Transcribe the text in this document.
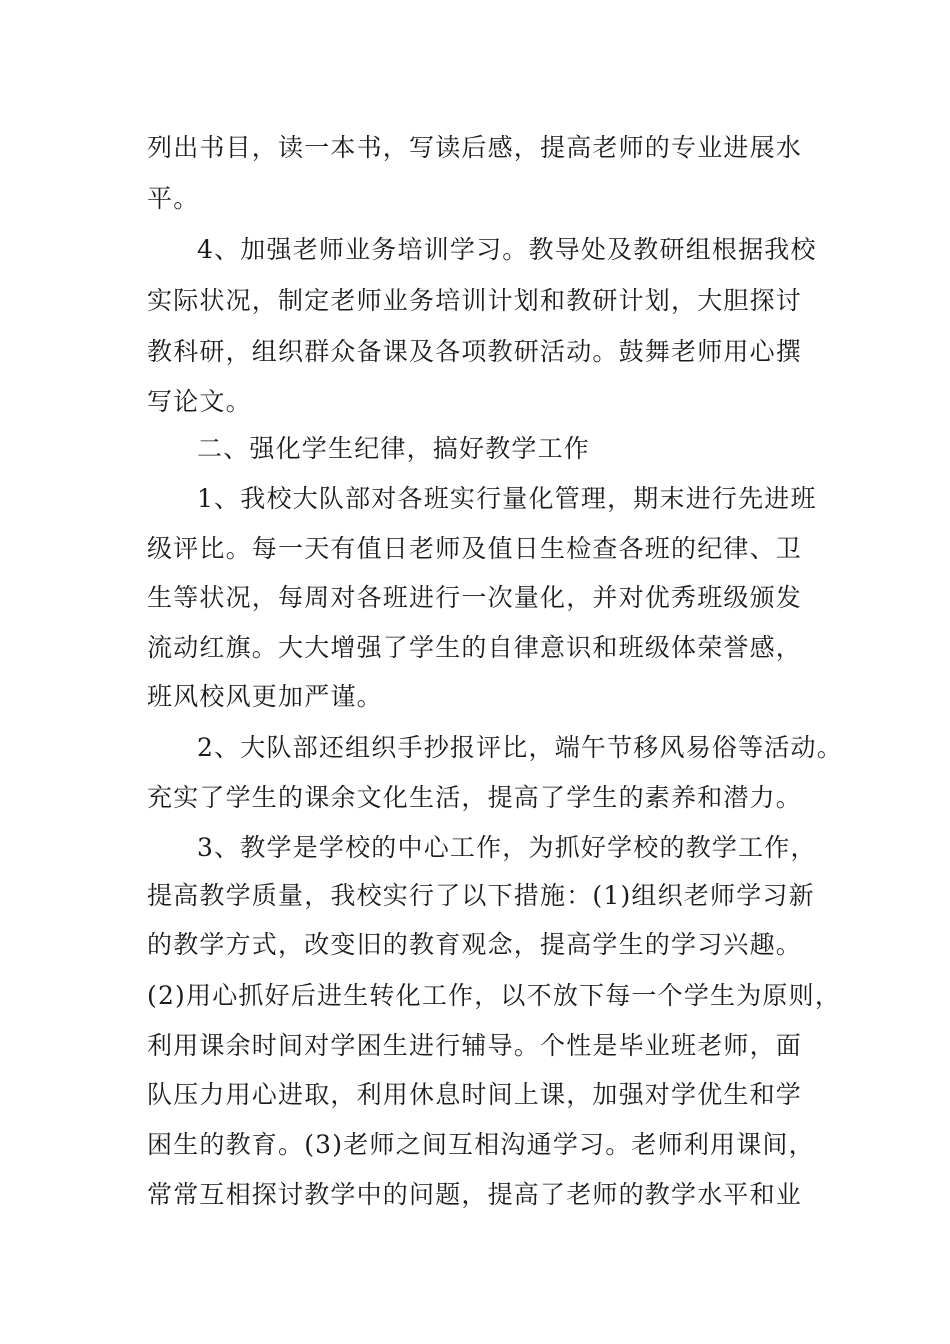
列出书目，读一本书，写读后感，提高老师的专业进展水
平。
4、加强老师业务培训学习。教导处及教研组根据我校
实际状况，制定老师业务培训计划和教研计划，大胆探讨
教科研，组织群众备课及各项教研活动。鼓舞老师用心撰
写论文。
二、强化学生纪律，搞好教学工作
1、我校大队部对各班实行量化管理，期末进行先进班
级评比。每一天有值日老师及值日生检查各班的纪律、卫
生等状况，每周对各班进行一次量化，并对优秀班级颁发
流动红旗。大大增强了学生的自律意识和班级体荣誉感，
班风校风更加严谨。
2、大队部还组织手抄报评比，端午节移风易俗等活动。
充实了学生的课余文化生活，提高了学生的素养和潜力。
3、教学是学校的中心工作，为抓好学校的教学工作，
提高教学质量，我校实行了以下措施：(1)组织老师学习新
的教学方式，改变旧的教育观念，提高学生的学习兴趣。
(2)用心抓好后进生转化工作，以不放下每一个学生为原则，
利用课余时间对学困生进行辅导。个性是毕业班老师，面
队压力用心进取，利用休息时间上课，加强对学优生和学
困生的教育。(3)老师之间互相沟通学习。老师利用课间，
常常互相探讨教学中的问题，提高了老师的教学水平和业
